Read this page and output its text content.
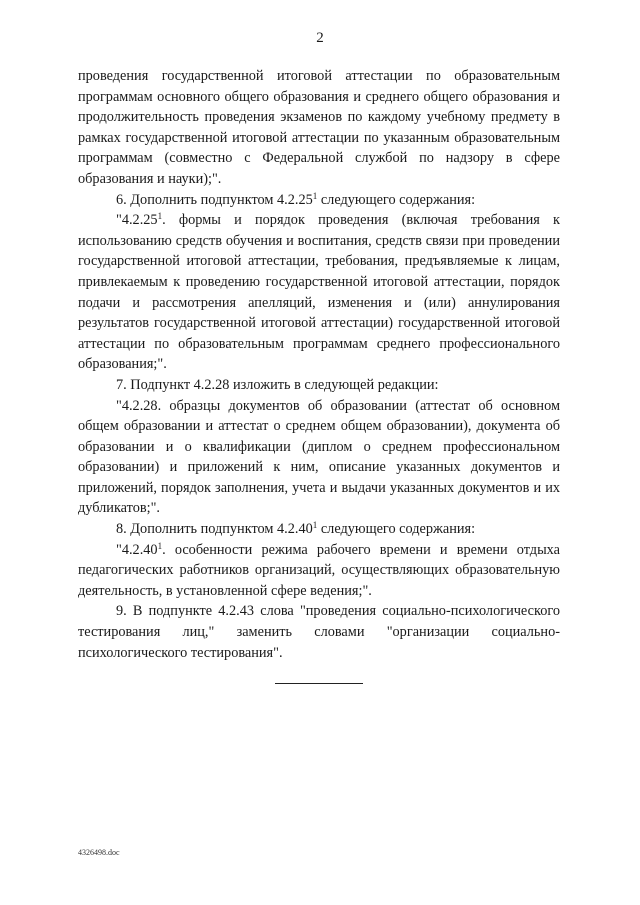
2

проведения государственной итоговой аттестации по образовательным программам основного общего образования и среднего общего образования и продолжительность проведения экзаменов по каждому учебному предмету в рамках государственной итоговой аттестации по указанным образовательным программам (совместно с Федеральной службой по надзору в сфере образования и науки);".

6. Дополнить подпунктом 4.2.25$^1$ следующего содержания:

"4.2.25$^1$. формы и порядок проведения (включая требования к использованию средств обучения и воспитания, средств связи при проведении государственной итоговой аттестации, требования, предъявляемые к лицам, привлекаемым к проведению государственной итоговой аттестации, порядок подачи и рассмотрения апелляций, изменения и (или) аннулирования результатов государственной итоговой аттестации) государственной итоговой аттестации по образовательным программам среднего профессионального образования;".

7. Подпункт 4.2.28 изложить в следующей редакции:

"4.2.28. образцы документов об образовании (аттестат об основном общем образовании и аттестат о среднем общем образовании), документа об образовании и о квалификации (диплом о среднем профессиональном образовании) и приложений к ним, описание указанных документов и приложений, порядок заполнения, учета и выдачи указанных документов и их дубликатов;".

8. Дополнить подпунктом 4.2.40$^1$ следующего содержания:

"4.2.40$^1$. особенности режима рабочего времени и времени отдыха педагогических работников организаций, осуществляющих образовательную деятельность, в установленной сфере ведения;".

9. В подпункте 4.2.43 слова "проведения социально-психологического тестирования лиц," заменить словами "организации социально-психологического тестирования".

4326498.doc
